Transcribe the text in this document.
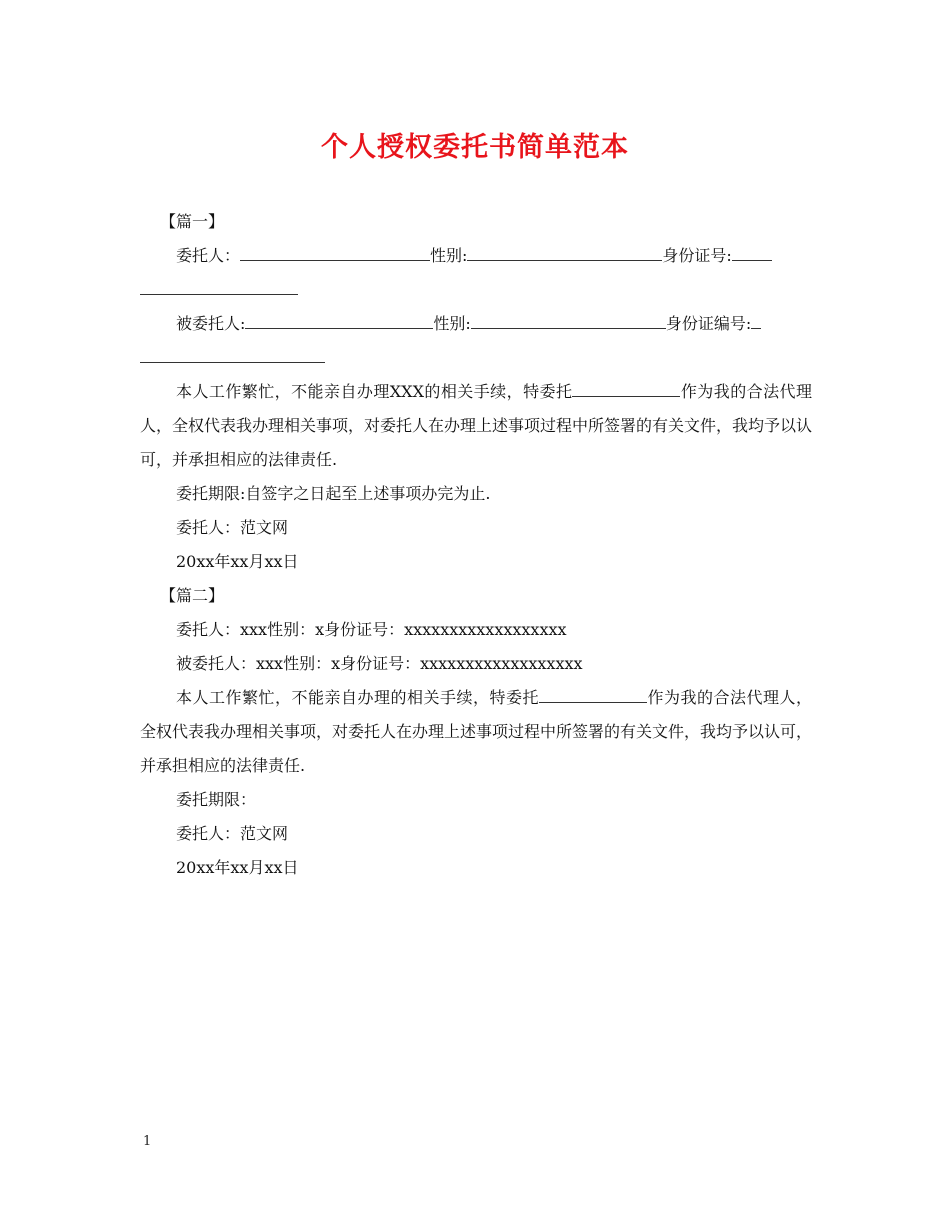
个人授权委托书简单范本

【篇一】

委托人：	性别:	身份证号:

被委托人:	性别:	身份证编号:

本人工作繁忙，不能亲自办理XXX的相关手续，特委托	作为我的合法代理人，全权代表我办理相关事项，对委托人在办理上述事项过程中所签署的有关文件，我均予以认可，并承担相应的法律责任.

委托期限:自签字之日起至上述事项办完为止.

委托人：范文网

20xx年xx月xx日

【篇二】

委托人：xxx性别：x身份证号：xxxxxxxxxxxxxxxxxx

被委托人：xxx性别：x身份证号：xxxxxxxxxxxxxxxxxx

本人工作繁忙，不能亲自办理的相关手续，特委托	作为我的合法代理人，全权代表我办理相关事项，对委托人在办理上述事项过程中所签署的有关文件，我均予以认可，并承担相应的法律责任.

委托期限：

委托人：范文网

20xx年xx月xx日

1
